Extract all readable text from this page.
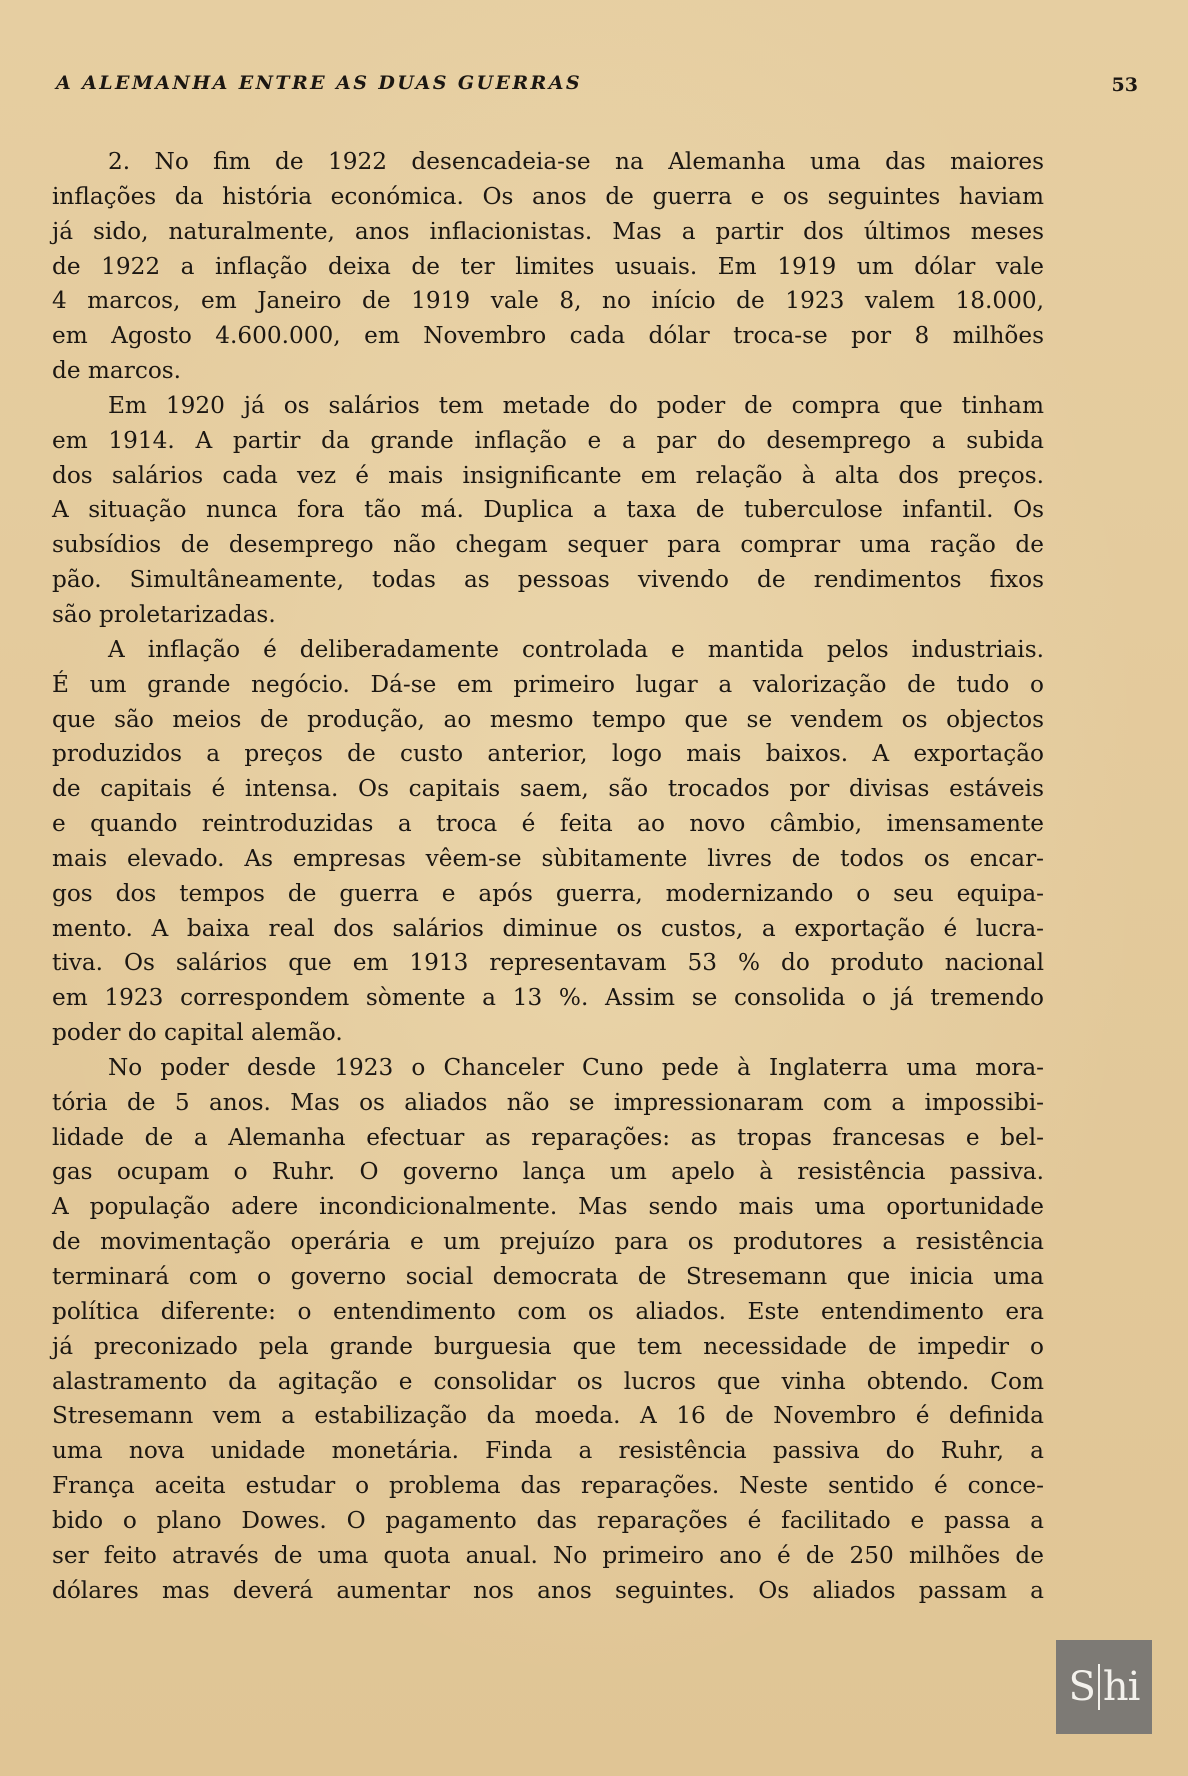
A ALEMANHA ENTRE AS DUAS GUERRAS	53
2. No fim de 1922 desencadeia-se na Alemanha uma das maiores
inflações da história económica. Os anos de guerra e os seguintes haviam
já sido, naturalmente, anos inflacionistas. Mas a partir dos últimos meses
de 1922 a inflação deixa de ter limites usuais. Em 1919 um dólar vale
4 marcos, em Janeiro de 1919 vale 8, no início de 1923 valem 18.000,
em Agosto 4.600.000, em Novembro cada dólar troca-se por 8 milhões
de marcos.
Em 1920 já os salários tem metade do poder de compra que tinham
em 1914. A partir da grande inflação e a par do desemprego a subida
dos salários cada vez é mais insignificante em relação à alta dos preços.
A situação nunca fora tão má. Duplica a taxa de tuberculose infantil. Os
subsídios de desemprego não chegam sequer para comprar uma ração de
pão. Simultâneamente, todas as pessoas vivendo de rendimentos fixos
são proletarizadas.
A inflação é deliberadamente controlada e mantida pelos industriais.
É um grande negócio. Dá-se em primeiro lugar a valorização de tudo o
que são meios de produção, ao mesmo tempo que se vendem os objectos
produzidos a preços de custo anterior, logo mais baixos. A exportação
de capitais é intensa. Os capitais saem, são trocados por divisas estáveis
e quando reintroduzidas a troca é feita ao novo câmbio, imensamente
mais elevado. As empresas vêem-se sùbitamente livres de todos os encar-
gos dos tempos de guerra e após guerra, modernizando o seu equipa-
mento. A baixa real dos salários diminue os custos, a exportação é lucra-
tiva. Os salários que em 1913 representavam 53 % do produto nacional
em 1923 correspondem sòmente a 13 %. Assim se consolida o já tremendo
poder do capital alemão.
No poder desde 1923 o Chanceler Cuno pede à Inglaterra uma mora-
tória de 5 anos. Mas os aliados não se impressionaram com a impossibi-
lidade de a Alemanha efectuar as reparações: as tropas francesas e bel-
gas ocupam o Ruhr. O governo lança um apelo à resistência passiva.
A população adere incondicionalmente. Mas sendo mais uma oportunidade
de movimentação operária e um prejuízo para os produtores a resistência
terminará com o governo social democrata de Stresemann que inicia uma
política diferente: o entendimento com os aliados. Este entendimento era
já preconizado pela grande burguesia que tem necessidade de impedir o
alastramento da agitação e consolidar os lucros que vinha obtendo. Com
Stresemann vem a estabilização da moeda. A 16 de Novembro é definida
uma nova unidade monetária. Finda a resistência passiva do Ruhr, a
França aceita estudar o problema das reparações. Neste sentido é conce-
bido o plano Dowes. O pagamento das reparações é facilitado e passa a
ser feito através de uma quota anual. No primeiro ano é de 250 milhões de
dólares mas deverá aumentar nos anos seguintes. Os aliados passam a
S hi
